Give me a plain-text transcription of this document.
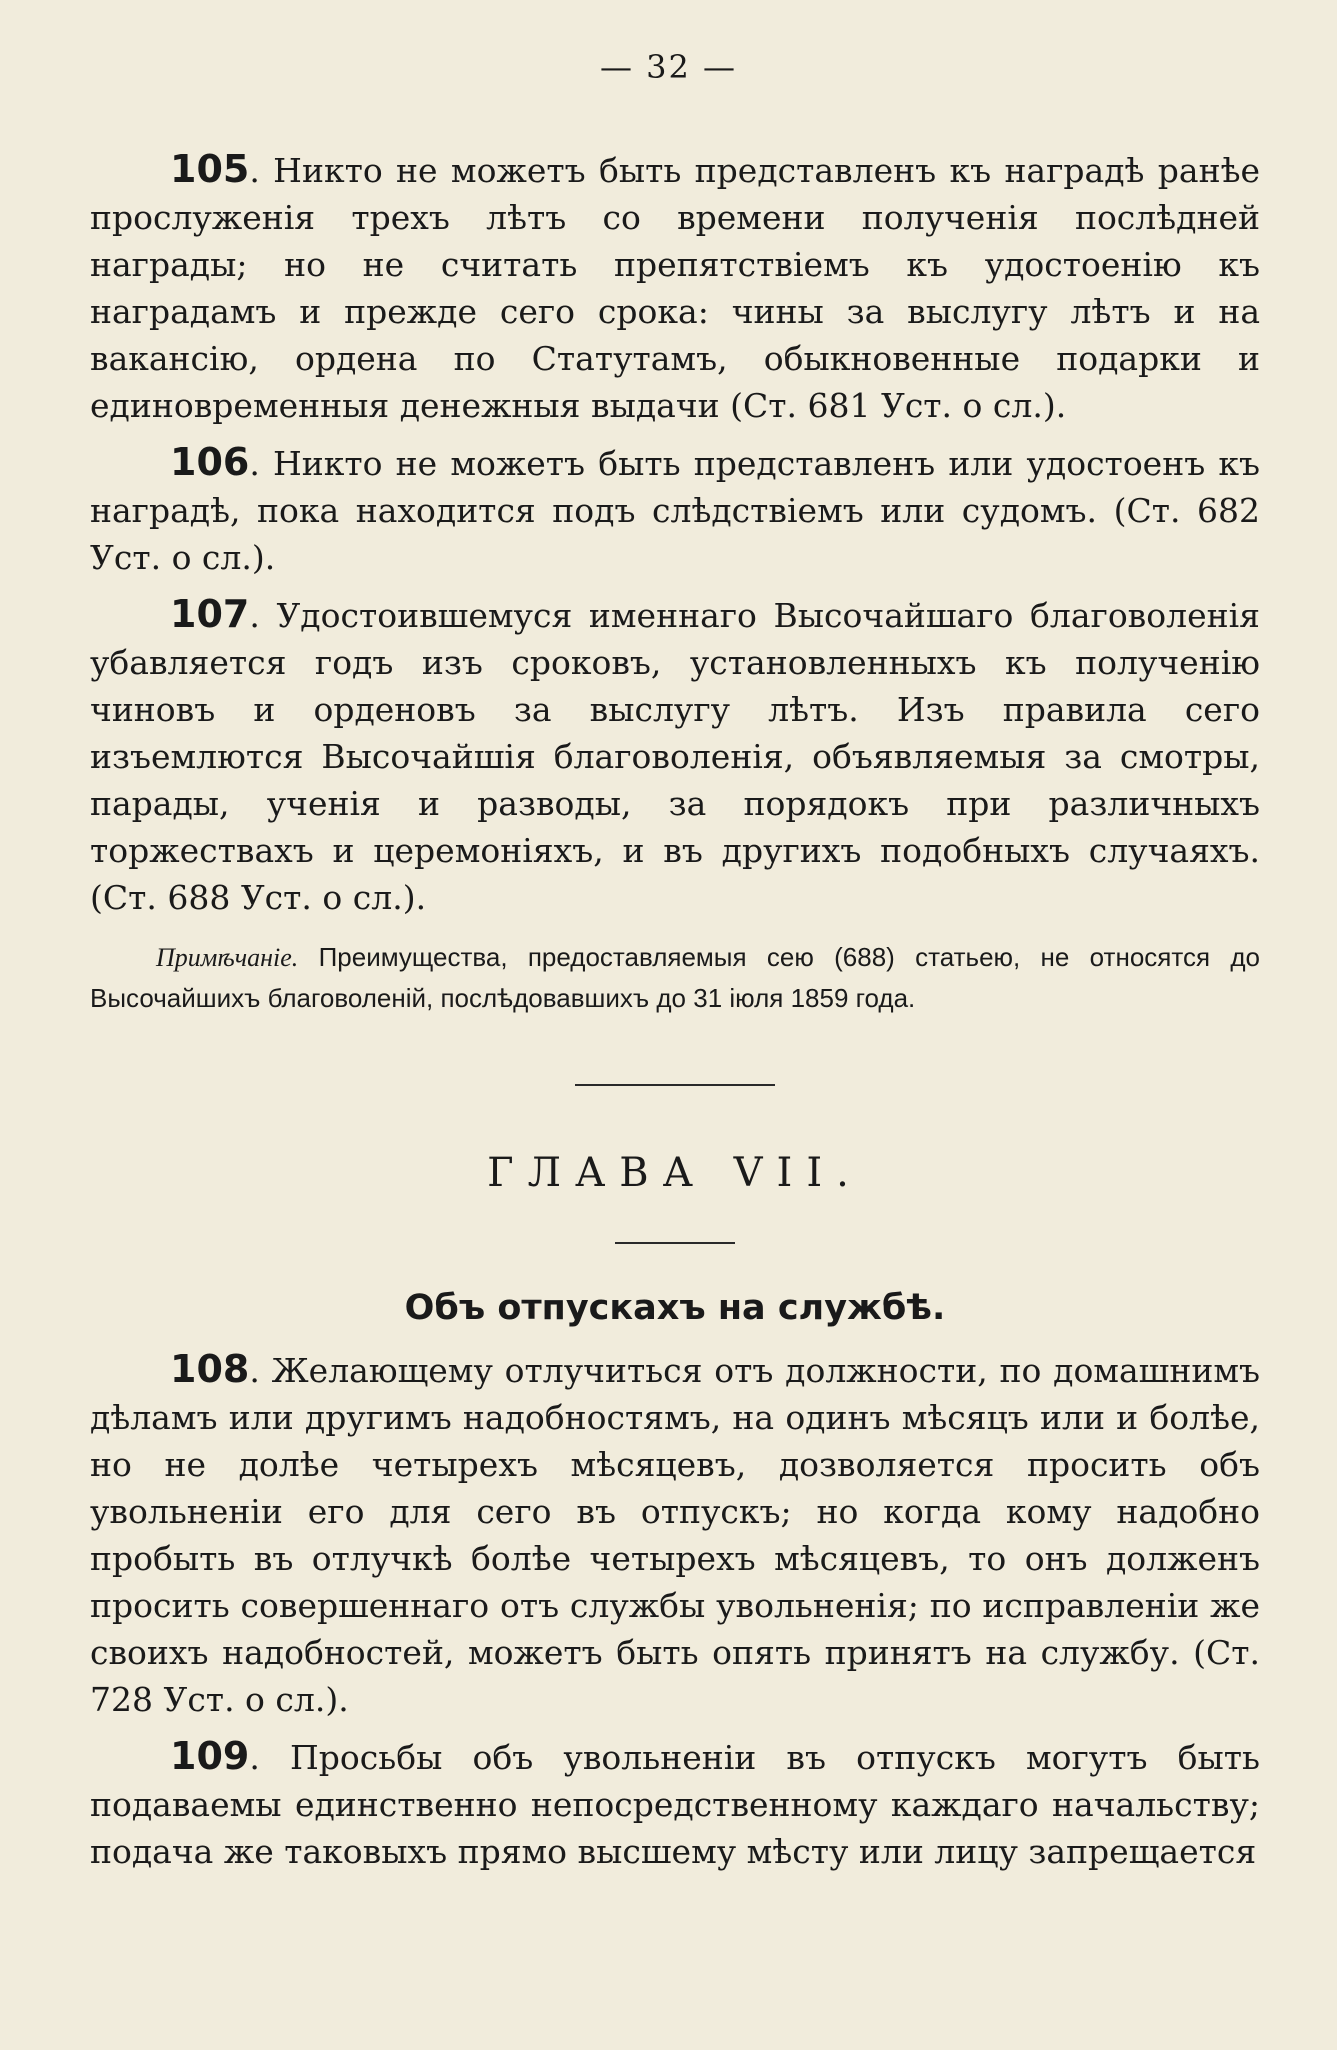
— 32 —

105. Никто не можетъ быть представленъ къ наградѣ ранѣе прослуженія трехъ лѣтъ со времени полученія послѣдней награды; но не считать препятствіемъ къ удостоенію къ наградамъ и прежде сего срока: чины за выслугу лѣтъ и на вакансію, ордена по Статутамъ, обыкновенные подарки и единовременныя денежныя выдачи (Ст. 681 Уст. о сл.).

106. Никто не можетъ быть представленъ или удостоенъ къ наградѣ, пока находится подъ слѣдствіемъ или судомъ. (Ст. 682 Уст. о сл.).

107. Удостоившемуся именнаго Высочайшаго благоволенія убавляется годъ изъ сроковъ, установленныхъ къ полученію чиновъ и орденовъ за выслугу лѣтъ. Изъ правила сего изъемлются Высочайшія благоволенія, объявляемыя за смотры, парады, ученія и разводы, за порядокъ при различныхъ торжествахъ и церемоніяхъ, и въ другихъ подобныхъ случаяхъ. (Ст. 688 Уст. о сл.).

Примѣчаніе. Преимущества, предоставляемыя сею (688) статьею, не относятся до Высочайшихъ благоволеній, послѣдовавшихъ до 31 іюля 1859 года.

ГЛАВА VII.
Объ отпускахъ на службѣ.

108. Желающему отлучиться отъ должности, по домашнимъ дѣламъ или другимъ надобностямъ, на одинъ мѣсяцъ или и болѣе, но не долѣе четырехъ мѣсяцевъ, дозволяется просить объ увольненіи его для сего въ отпускъ; но когда кому надобно пробыть въ отлучкѣ болѣе четырехъ мѣсяцевъ, то онъ долженъ просить совершеннаго отъ службы увольненія; по исправленіи же своихъ надобностей, можетъ быть опять принятъ на службу. (Ст. 728 Уст. о сл.).

109. Просьбы объ увольненіи въ отпускъ могутъ быть подаваемы единственно непосредственному каждаго начальству; подача же таковыхъ прямо высшему мѣсту или лицу запрещается
